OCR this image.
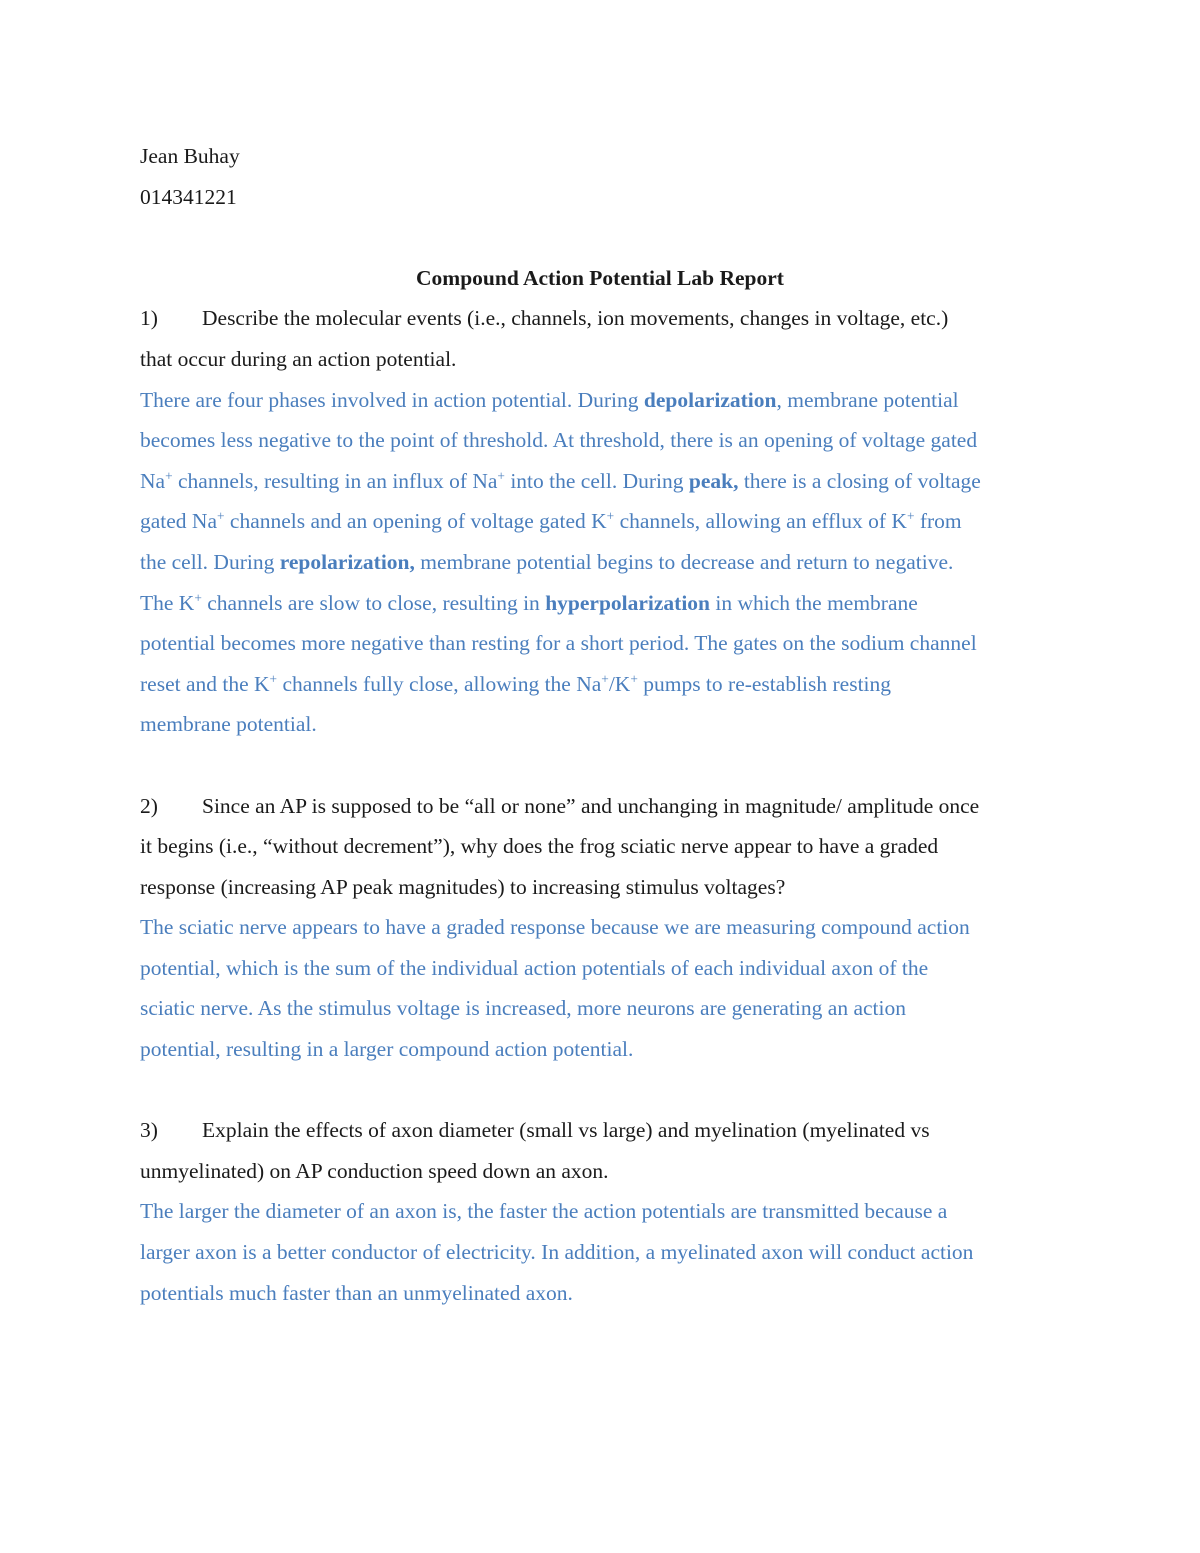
Jean Buhay
014341221
Compound Action Potential Lab Report
1) Describe the molecular events (i.e., channels, ion movements, changes in voltage, etc.)
that occur during an action potential.
There are four phases involved in action potential. During depolarization, membrane potential
becomes less negative to the point of threshold. At threshold, there is an opening of voltage gated
Na+ channels, resulting in an influx of Na+ into the cell. During peak, there is a closing of voltage
gated Na+ channels and an opening of voltage gated K+ channels, allowing an efflux of K+ from
the cell. During repolarization, membrane potential begins to decrease and return to negative.
The K+ channels are slow to close, resulting in hyperpolarization in which the membrane
potential becomes more negative than resting for a short period. The gates on the sodium channel
reset and the K+ channels fully close, allowing the Na+/K+ pumps to re-establish resting
membrane potential.
2) Since an AP is supposed to be “all or none” and unchanging in magnitude/ amplitude once
it begins (i.e., “without decrement”), why does the frog sciatic nerve appear to have a graded
response (increasing AP peak magnitudes) to increasing stimulus voltages?
The sciatic nerve appears to have a graded response because we are measuring compound action
potential, which is the sum of the individual action potentials of each individual axon of the
sciatic nerve. As the stimulus voltage is increased, more neurons are generating an action
potential, resulting in a larger compound action potential.
3) Explain the effects of axon diameter (small vs large) and myelination (myelinated vs
unmyelinated) on AP conduction speed down an axon.
The larger the diameter of an axon is, the faster the action potentials are transmitted because a
larger axon is a better conductor of electricity. In addition, a myelinated axon will conduct action
potentials much faster than an unmyelinated axon.
